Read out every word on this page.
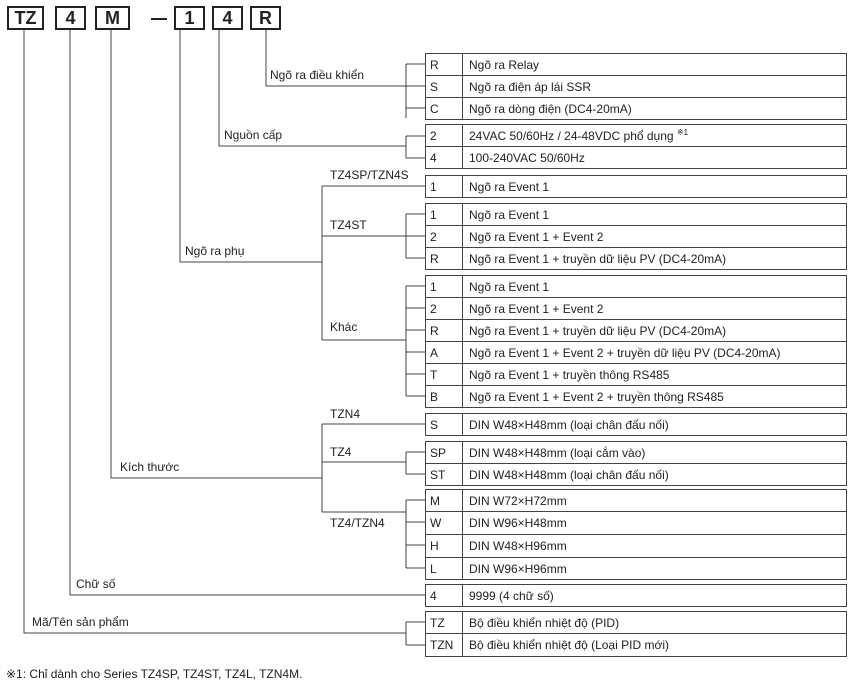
TZ	4	M	1	4	R
Ngõ ra điều khiển
Nguồn cấp
Ngõ ra phụ
Kích thước
Chữ số
Mã/Tên sản phẩm
TZ4SP/TZN4S
TZ4ST
Khác
TZN4
TZ4
TZ4/TZN4
R	Ngõ ra Relay
S	Ngõ ra điện áp lái SSR
C	Ngõ ra dòng điện (DC4-20mA)
2	24VAC 50/60Hz / 24-48VDC phổ dụng $^{※1}$
4	100-240VAC 50/60Hz
1	Ngõ ra Event 1
1	Ngõ ra Event 1
2	Ngõ ra Event 1 + Event 2
R	Ngõ ra Event 1 + truyền dữ liệu PV (DC4-20mA)
1	Ngõ ra Event 1
2	Ngõ ra Event 1 + Event 2
R	Ngõ ra Event 1 + truyền dữ liệu PV (DC4-20mA)
A	Ngõ ra Event 1 + Event 2 + truyền dữ liệu PV (DC4-20mA)
T	Ngõ ra Event 1 + truyền thông RS485
B	Ngõ ra Event 1 + Event 2 + truyền thông RS485
S	DIN W48×H48mm (loại chân đấu nối)
SP DIN W48×H48mm (loại cắm vào)
ST DIN W48×H48mm (loại chân đấu nối)
M DIN W72×H72mm
W DIN W96×H48mm
H	DIN W48×H96mm
L	DIN W96×H96mm
4	9999 (4 chữ số)
TZ Bộ điều khiển nhiệt độ (PID)
TZN Bộ điều khiển nhiệt độ (Loại PID mới)
※1: Chỉ dành cho Series TZ4SP, TZ4ST, TZ4L, TZN4M.
